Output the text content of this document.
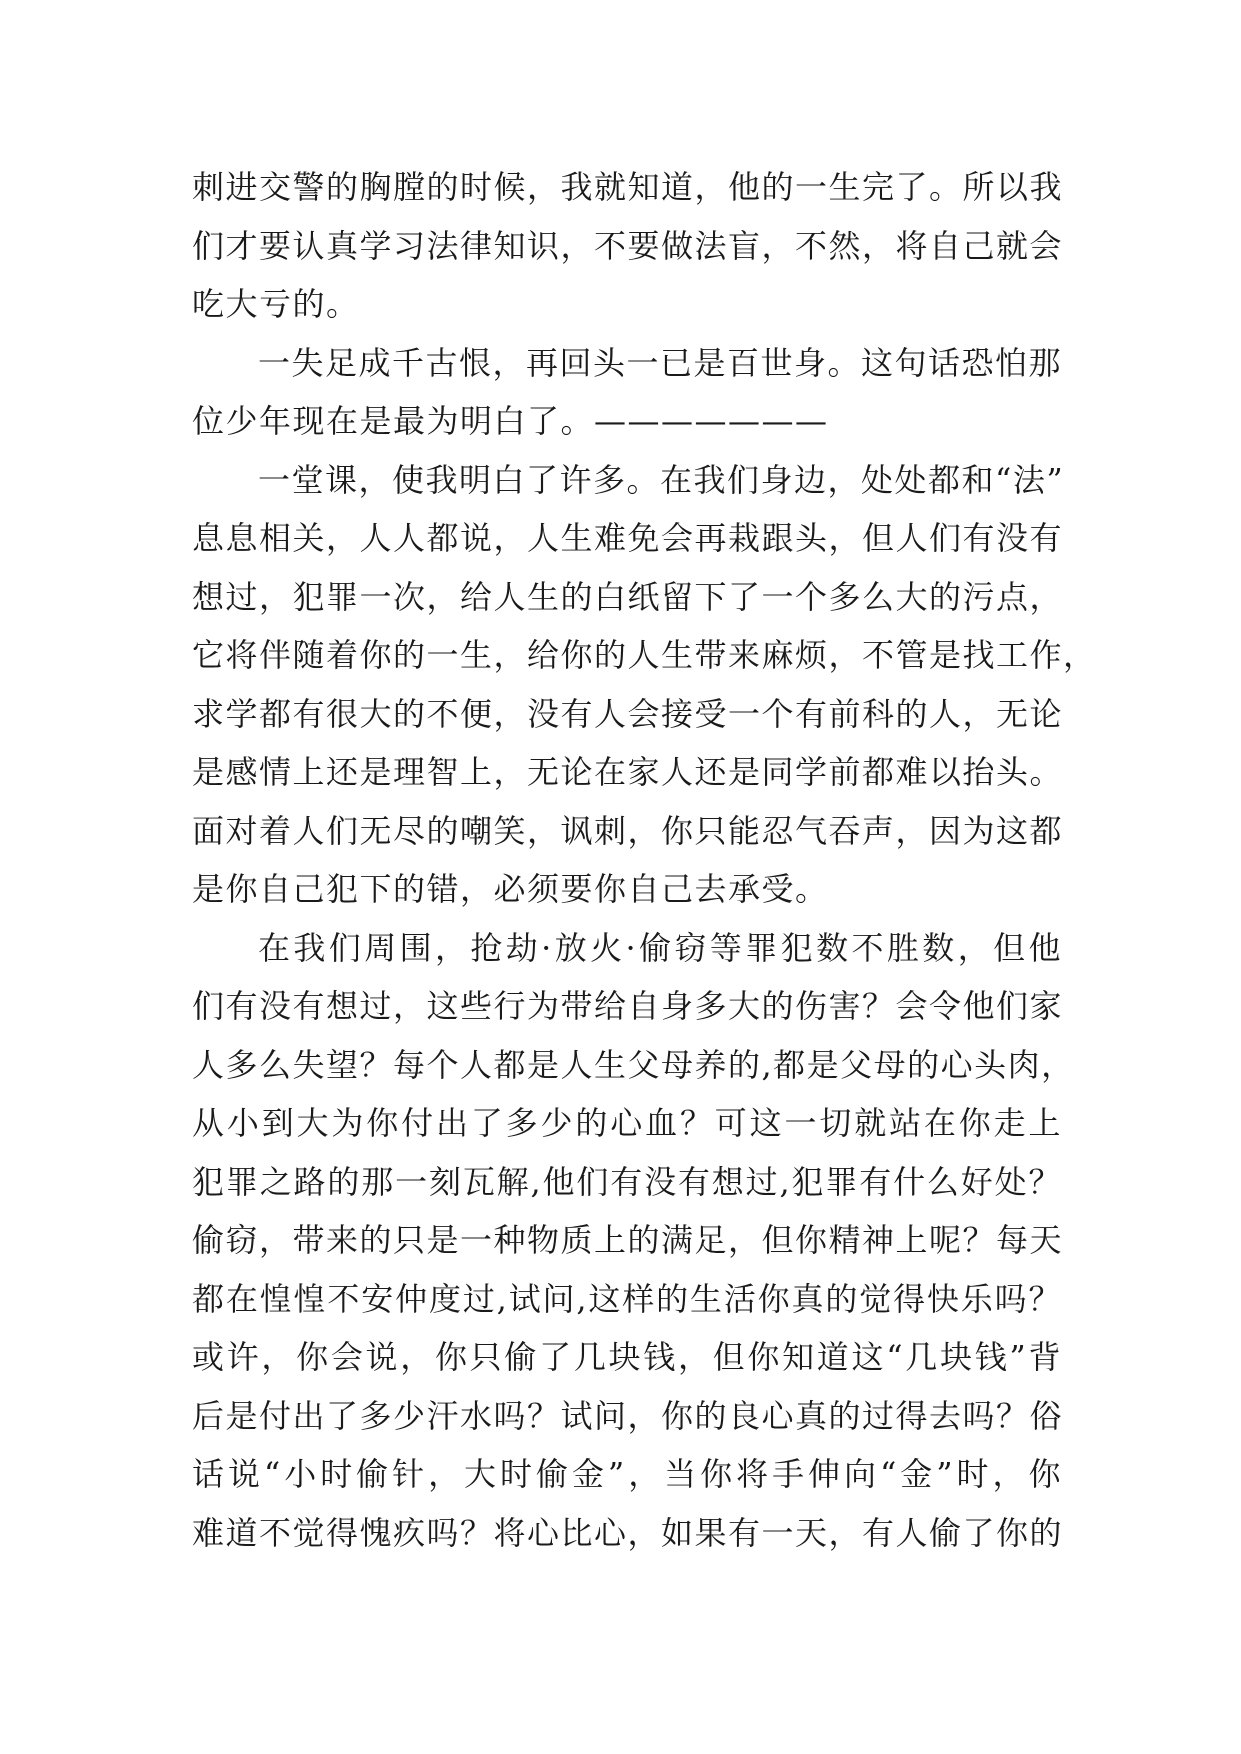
刺进交警的胸膛的时候，我就知道，他的一生完了。所以我
们才要认真学习法律知识，不要做法盲，不然，将自己就会
吃大亏的。
一失足成千古恨，再回头一已是百世身。这句话恐怕那
位少年现在是最为明白了。———————
一堂课，使我明白了许多。在我们身边，处处都和“法”
息息相关，人人都说，人生难免会再栽跟头，但人们有没有
想过，犯罪一次，给人生的白纸留下了一个多么大的污点，
它将伴随着你的一生，给你的人生带来麻烦，不管是找工作，
求学都有很大的不便，没有人会接受一个有前科的人，无论
是感情上还是理智上，无论在家人还是同学前都难以抬头。
面对着人们无尽的嘲笑，讽刺，你只能忍气吞声，因为这都
是你自己犯下的错，必须要你自己去承受。
在我们周围，抢劫·放火·偷窃等罪犯数不胜数，但他
们有没有想过，这些行为带给自身多大的伤害？会令他们家
人多么失望？每个人都是人生父母养的,都是父母的心头肉，
从小到大为你付出了多少的心血？可这一切就站在你走上
犯罪之路的那一刻瓦解,他们有没有想过,犯罪有什么好处？
偷窃，带来的只是一种物质上的满足，但你精神上呢？每天
都在惶惶不安仲度过,试问,这样的生活你真的觉得快乐吗？
或许，你会说，你只偷了几块钱，但你知道这“几块钱”背
后是付出了多少汗水吗？试问，你的良心真的过得去吗？俗
话说“小时偷针，大时偷金”，当你将手伸向“金”时，你
难道不觉得愧疚吗？将心比心，如果有一天，有人偷了你的
